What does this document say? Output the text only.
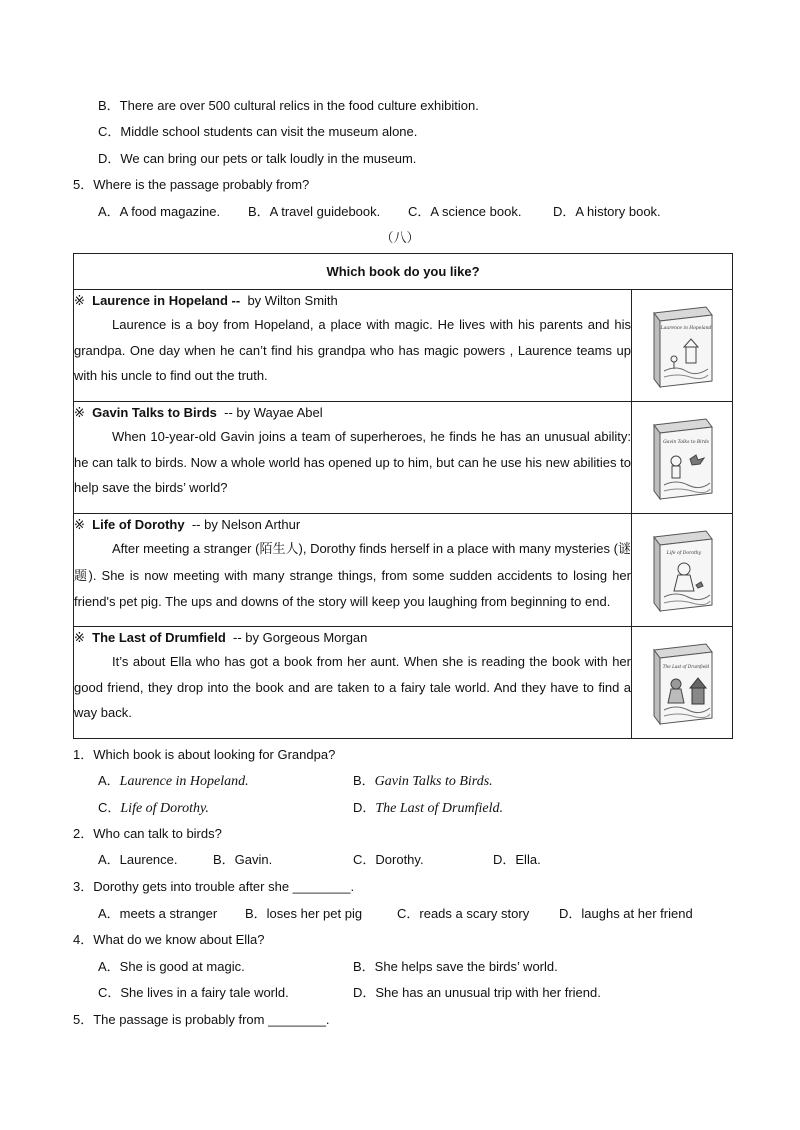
B．There are over 500 cultural relics in the food culture exhibition.
C．Middle school students can visit the museum alone.
D．We can bring our pets or talk loudly in the museum.
5．Where is the passage probably from?
A．A food magazine. B．A travel guidebook. C．A science book. D．A history book.
（八）
Which book do you like?	

※ Laurence in Hopeland -- by Wilton Smith
Laurence is a boy from Hopeland, a place with magic. He lives with his parents and his grandpa. One day when he can’t find his grandpa who has magic powers , Laurence teams up with his uncle to find out the truth.	Laurence in Hopeland

※ Gavin Talks to Birds -- by Wayae Abel
When 10-year-old Gavin joins a team of superheroes, he finds he has an unusual ability: he can talk to birds. Now a whole world has opened up to him, but can he use his new abilities to help save the birds’ world?	Gavin Talks to Birds

※ Life of Dorothy -- by Nelson Arthur
After meeting a stranger (陌生人), Dorothy finds herself in a place with many mysteries (谜题). She is now meeting with many strange things, from some sudden accidents to losing her friend's pet pig. The ups and downs of the story will keep you laughing from beginning to end.	Life of Dorothy

※ The Last of Drumfield -- by Gorgeous Morgan
It’s about Ella who has got a book from her aunt. When she is reading the book with her good friend, they drop into the book and are taken to a fairy tale world. And they have to find a way back.	The Last of Drumfield
1．Which book is about looking for Grandpa?
A．Laurence in Hopeland.	B．Gavin Talks to Birds.
C．Life of Dorothy.	D．The Last of Drumfield.
2．Who can talk to birds?
A．Laurence.	B．Gavin.	C．Dorothy.	D．Ella.
3．Dorothy gets into trouble after she ________.
A．meets a stranger B．loses her pet pig	C．reads a scary story D．laughs at her friend
4．What do we know about Ella?
A．She is good at magic.	B．She helps save the birds’ world.
C．She lives in a fairy tale world.	D．She has an unusual trip with her friend.
5．The passage is probably from ________.
